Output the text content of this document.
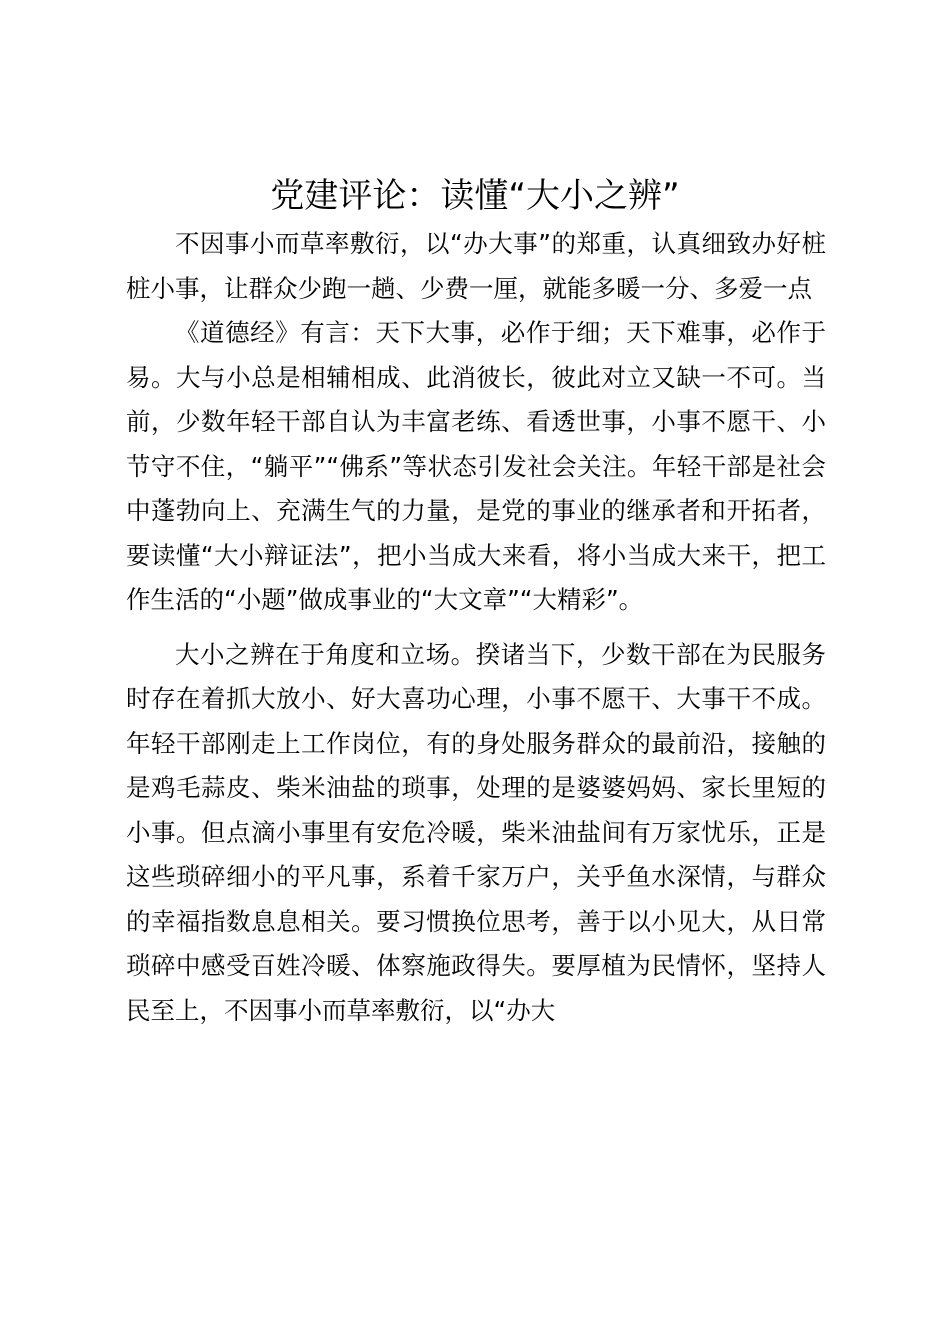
党建评论：读懂“大小之辨”

不因事小而草率敷衍，以“办大事”的郑重，认真细致办好桩桩小事，让群众少跑一趟、少费一厘，就能多暖一分、多爱一点

《道德经》有言：天下大事，必作于细；天下难事，必作于易。大与小总是相辅相成、此消彼长，彼此对立又缺一不可。当前，少数年轻干部自认为丰富老练、看透世事，小事不愿干、小节守不住，“躺平”“佛系”等状态引发社会关注。年轻干部是社会中蓬勃向上、充满生气的力量，是党的事业的继承者和开拓者，要读懂“大小辩证法”，把小当成大来看，将小当成大来干，把工作生活的“小题”做成事业的“大文章”“大精彩”。

大小之辨在于角度和立场。揆诸当下，少数干部在为民服务时存在着抓大放小、好大喜功心理，小事不愿干、大事干不成。年轻干部刚走上工作岗位，有的身处服务群众的最前沿，接触的是鸡毛蒜皮、柴米油盐的琐事，处理的是婆婆妈妈、家长里短的小事。但点滴小事里有安危冷暖，柴米油盐间有万家忧乐，正是这些琐碎细小的平凡事，系着千家万户，关乎鱼水深情，与群众的幸福指数息息相关。要习惯换位思考，善于以小见大，从日常琐碎中感受百姓冷暖、体察施政得失。要厚植为民情怀，坚持人民至上，不因事小而草率敷衍，以“办大
